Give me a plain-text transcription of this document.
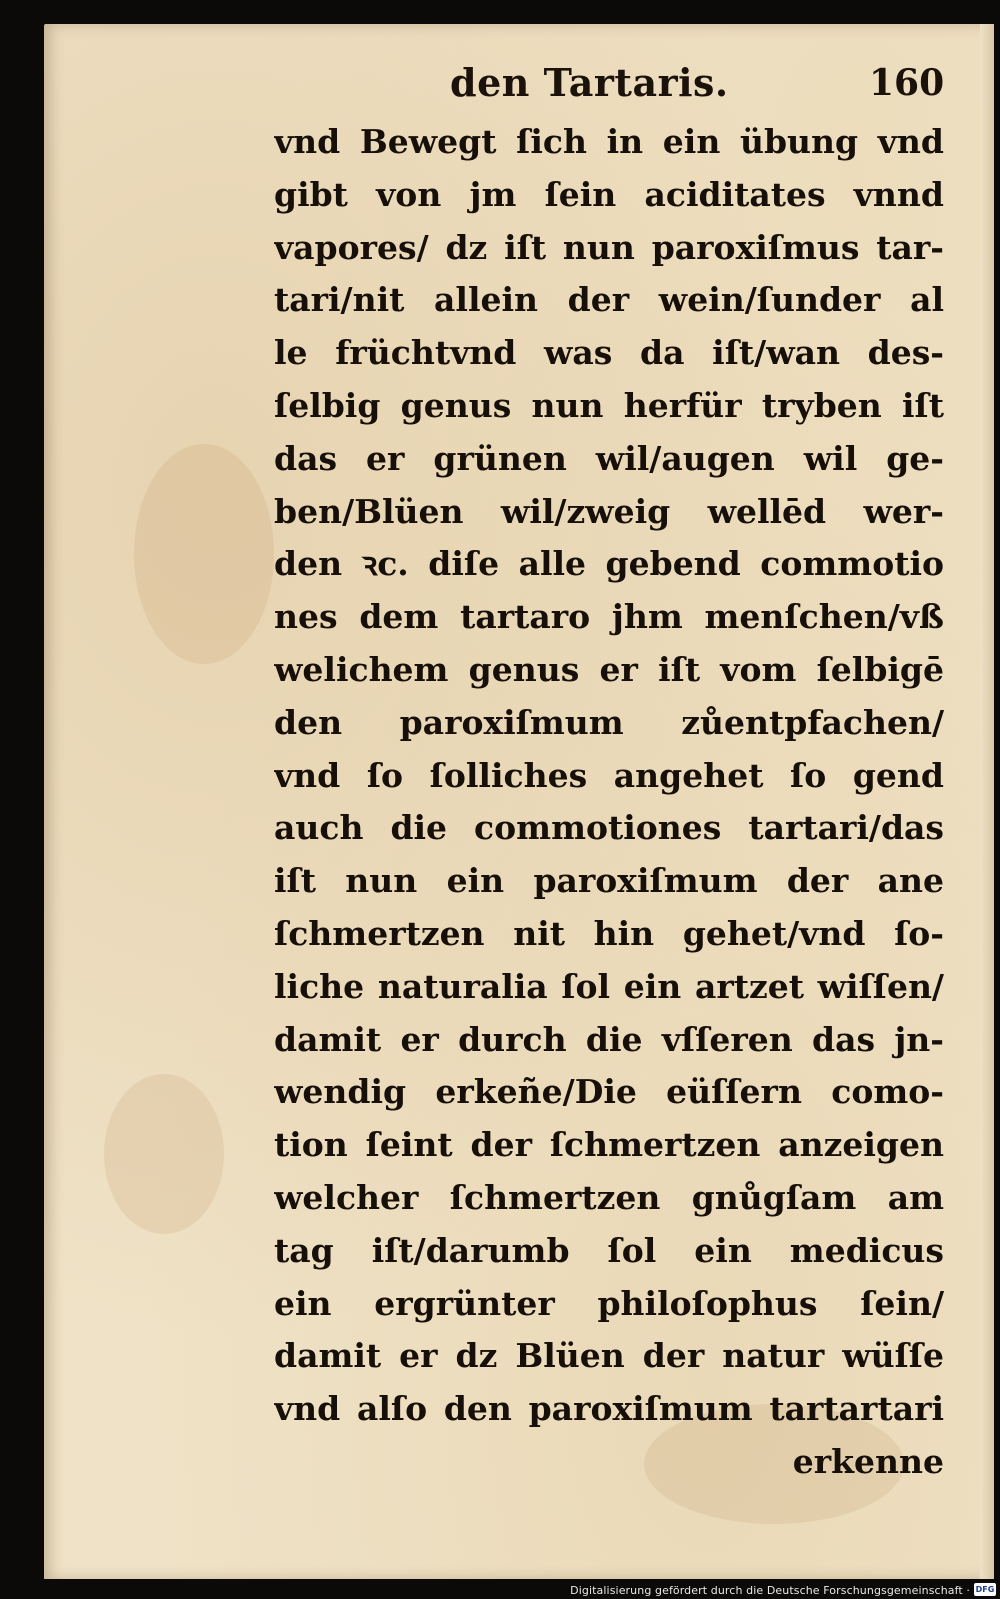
den Tartaris.	160
vnd Bewegt ſich in ein übung vnd
gibt von jm ſein aciditates vnnd
vapores/ dz iſt nun paroxiſmus tar-
tari/nit allein der wein/ſunder al
le früchtvnd was da iſt/wan des-
ſelbig genus nun herfür tryben iſt
das er grünen wil/augen wil ge-
ben/Blüen wil/zweig wellēd wer-
den ꝛc. diſe alle gebend commotio
nes dem tartaro jhm menſchen/vß
welichem genus er iſt vom ſelbigē
den paroxiſmum zůentpfachen/
vnd ſo ſolliches angehet ſo gend
auch die commotiones tartari/das
iſt nun ein paroxiſmum der ane
ſchmertzen nit hin gehet/vnd ſo-
liche naturalia ſol ein artzet wiſſen/
damit er durch die vſſeren das jn-
wendig erkeñe/Die eüſſern como-
tion ſeint der ſchmertzen anzeigen
welcher ſchmertzen gnůgſam am
tag iſt/darumb ſol ein medicus
ein ergrünter philoſophus ſein/
damit er dz Blüen der natur wüſſe
vnd alſo den paroxiſmum tartartari
erkenne
Digitalisierung gefördert durch die Deutsche Forschungsgemeinschaft · DFG
